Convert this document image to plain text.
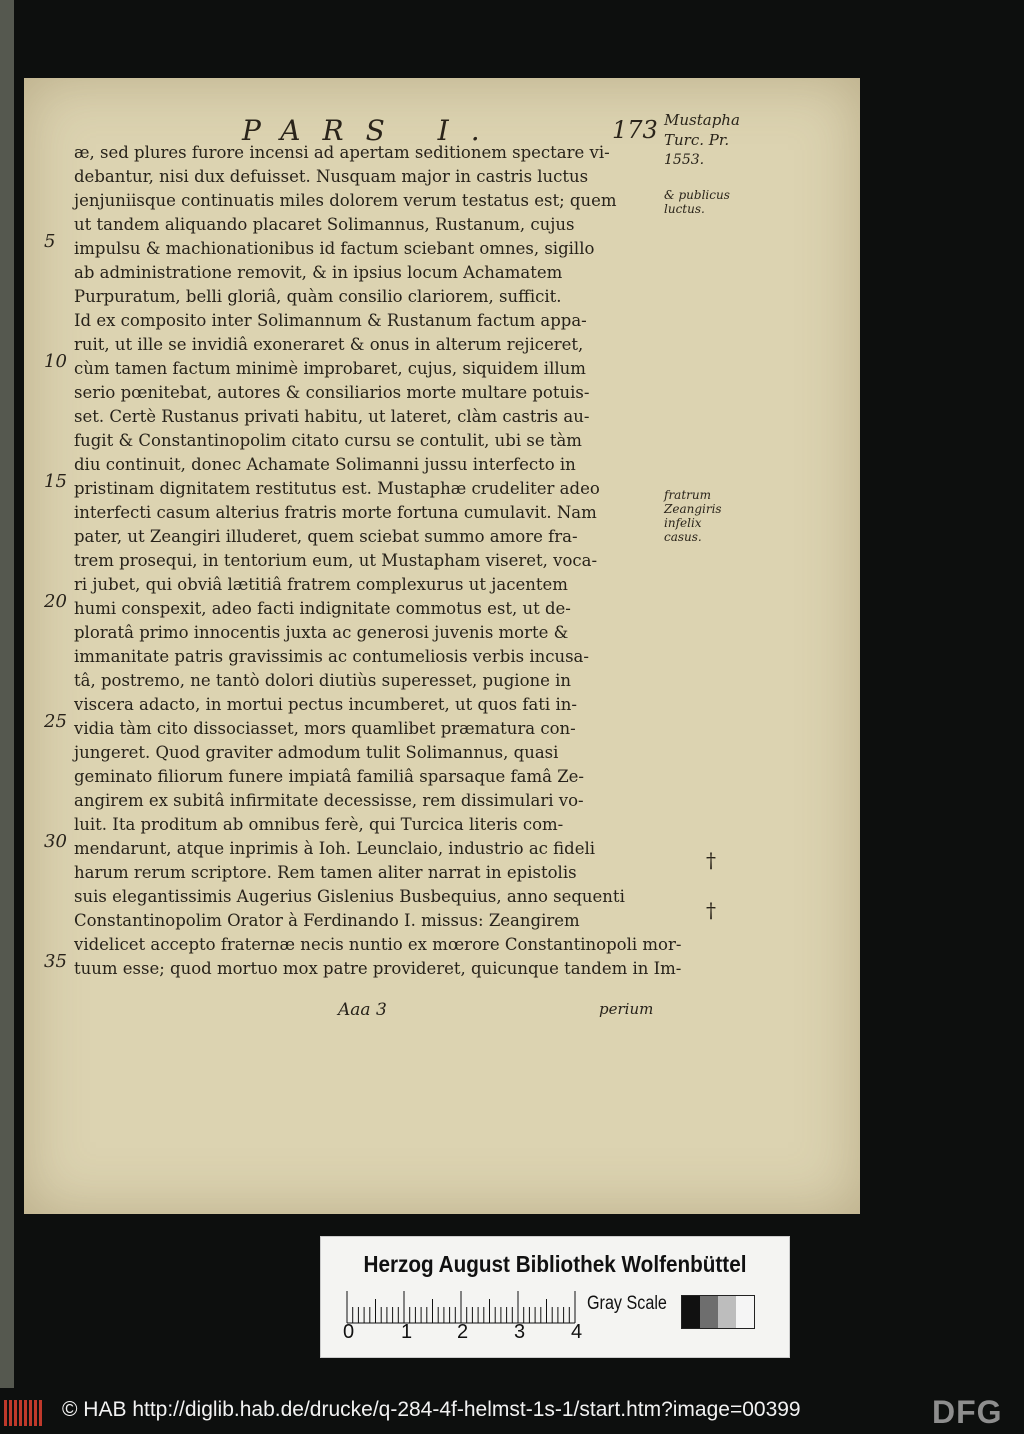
PARS I.	173
æ, sed plures furore incensi ad apertam seditionem spectare vi-
debantur, nisi dux defuisset. Nusquam major in castris luctus
jenjuniisque continuatis miles dolorem verum testatus est; quem
ut tandem aliquando placaret Solimannus, Rustanum, cujus
impulsu & machionationibus id factum sciebant omnes, sigillo
ab administratione removit, & in ipsius locum Achamatem
Purpuratum, belli gloriâ, quàm consilio clariorem, sufficit.
Id ex composito inter Solimannum & Rustanum factum appa-
ruit, ut ille se invidiâ exoneraret & onus in alterum rejiceret,
cùm tamen factum minimè improbaret, cujus, siquidem illum
serio pœnitebat, autores & consiliarios morte multare potuis-
set. Certè Rustanus privati habitu, ut lateret, clàm castris au-
fugit & Constantinopolim citato cursu se contulit, ubi se tàm
diu continuit, donec Achamate Solimanni jussu interfecto in
pristinam dignitatem restitutus est. Mustaphæ crudeliter adeo
interfecti casum alterius fratris morte fortuna cumulavit. Nam
pater, ut Zeangiri illuderet, quem sciebat summo amore fra-
trem prosequi, in tentorium eum, ut Mustapham viseret, voca-
ri jubet, qui obviâ lætitiâ fratrem complexurus ut jacentem
humi conspexit, adeo facti indignitate commotus est, ut de-
ploratâ primo innocentis juxta ac generosi juvenis morte &
immanitate patris gravissimis ac contumeliosis verbis incusa-
tâ, postremo, ne tantò dolori diutiùs superesset, pugione in
viscera adacto, in mortui pectus incumberet, ut quos fati in-
vidia tàm cito dissociasset, mors quamlibet præmatura con-
jungeret. Quod graviter admodum tulit Solimannus, quasi
geminato filiorum funere impiatâ familiâ sparsaque famâ Ze-
angirem ex subitâ infirmitate decessisse, rem dissimulari vo-
luit. Ita proditum ab omnibus ferè, qui Turcica literis com-
mendarunt, atque inprimis à Ioh. Leunclaio, industrio ac fideli
harum rerum scriptore. Rem tamen aliter narrat in epistolis
suis elegantissimis Augerius Gislenius Busbequius, anno sequenti
Constantinopolim Orator à Ferdinando I. missus: Zeangirem
videlicet accepto fraternæ necis nuntio ex mœrore Constantinopoli mor-
tuum esse; quod mortuo mox patre provideret, quicunque tandem in Im-
5
10
15
20
25
30
35
Mustapha
Turc. Pr.
1553.
& publicus
luctus.
fratrum
Zeangiris
infelix
casus.
†
†
Aaa 3	perium
Herzog August Bibliothek Wolfenbüttel
0 1 2 3 4
Gray Scale
© HAB http://diglib.hab.de/drucke/q-284-4f-helmst-1s-1/start.htm?image=00399	DFG
